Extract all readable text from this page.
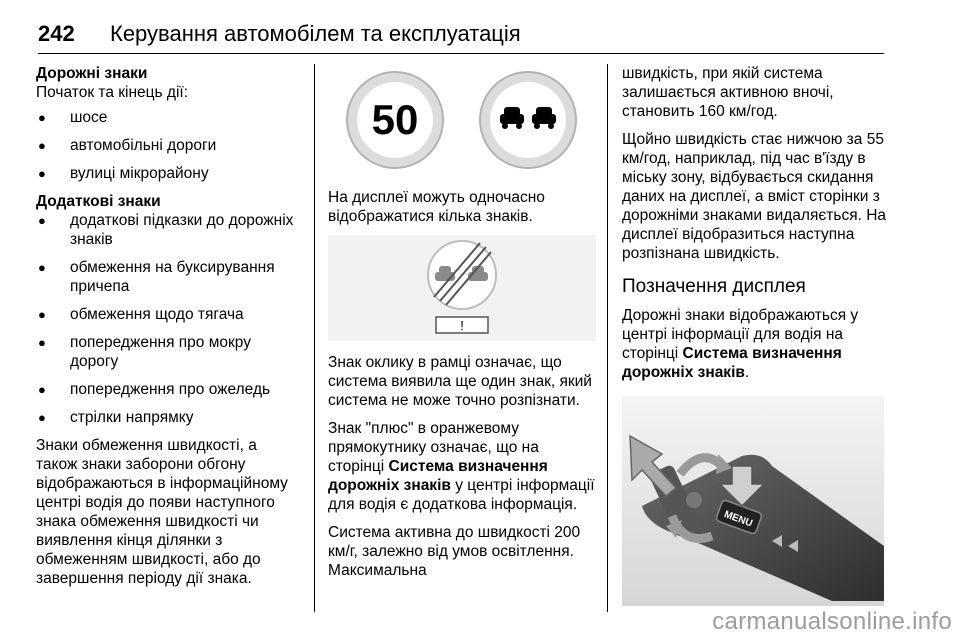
242	Керування автомобілем та експлуатація
Дорожні знаки
Початок та кінець дії:
● шосе
● автомобільні дороги
● вулиці мікрорайону
Додаткові знаки
● додаткові підказки до дорожніх знаків
● обмеження на буксирування причепа
● обмеження щодо тягача
● попередження про мокру дорогу
● попередження про ожеледь
● стрілки напрямку
Знаки обмеження швидкості, а також знаки заборони обгону відображаються в інформаційному центрі водія до появи наступного знака обмеження швидкості чи виявлення кінця ділянки з обмеженням швидкості, або до завершення періоду дії знака.
50
На дисплеї можуть одночасно відображатися кілька знаків.
!
Знак оклику в рамці означає, що система виявила ще один знак, який система не може точно розпізнати.
Знак "плюс" в оранжевому прямокутнику означає, що на сторінці Система визначення дорожніх знаків у центрі інформації для водія є додаткова інформація.
Система активна до швидкості 200 км/г, залежно від умов освітлення. Максимальна
швидкість, при якій система залишається активною вночі, становить 160 км/год.
Щойно швидкість стає нижчою за 55 км/год, наприклад, під час в'їзду в міську зону, відбувається скидання даних на дисплеї, а вміст сторінки з дорожніми знаками видаляється. На дисплеї відобразиться наступна розпізнана швидкість.
Позначення дисплея
Дорожні знаки відображаються у центрі інформації для водія на сторінці Система визначення дорожніх знаків.
MENU
carmanualsonline.info
